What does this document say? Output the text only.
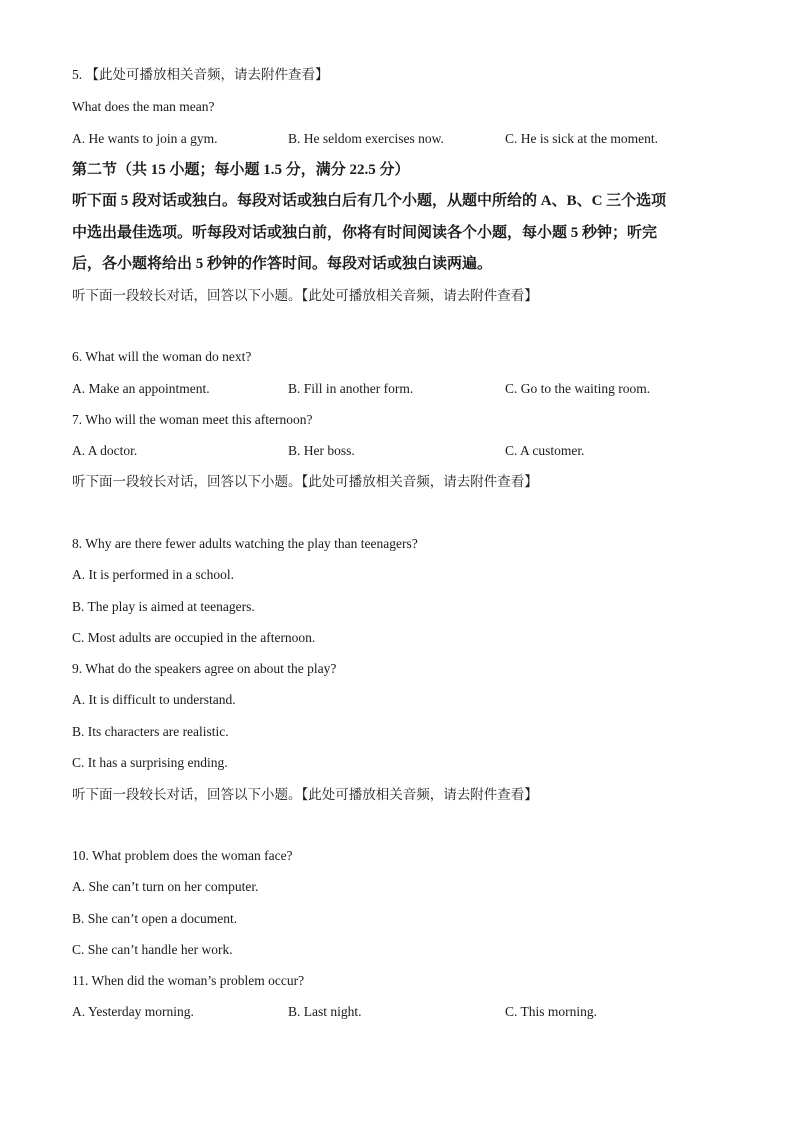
5. 【此处可播放相关音频，请去附件查看】
What does the man mean?
A. He wants to join a gym.	B. He seldom exercises now.	C. He is sick at the moment.
第二节（共 15 小题；每小题 1.5 分，满分 22.5 分）
听下面 5 段对话或独白。每段对话或独白后有几个小题，从题中所给的 A、B、C 三个选项
中选出最佳选项。听每段对话或独白前，你将有时间阅读各个小题，每小题 5 秒钟；听完
后，各小题将给出 5 秒钟的作答时间。每段对话或独白读两遍。
听下面一段较长对话，回答以下小题。【此处可播放相关音频，请去附件查看】
6. What will the woman do next?
A. Make an appointment.	B. Fill in another form.	C. Go to the waiting room.
7. Who will the woman meet this afternoon?
A. A doctor.	B. Her boss.	C. A customer.
听下面一段较长对话，回答以下小题。【此处可播放相关音频，请去附件查看】
8. Why are there fewer adults watching the play than teenagers?
A. It is performed in a school.
B. The play is aimed at teenagers.
C. Most adults are occupied in the afternoon.
9. What do the speakers agree on about the play?
A. It is difficult to understand.
B. Its characters are realistic.
C. It has a surprising ending.
听下面一段较长对话，回答以下小题。【此处可播放相关音频，请去附件查看】
10. What problem does the woman face?
A. She can’t turn on her computer.
B. She can’t open a document.
C. She can’t handle her work.
11. When did the woman’s problem occur?
A. Yesterday morning.	B. Last night.	C. This morning.
